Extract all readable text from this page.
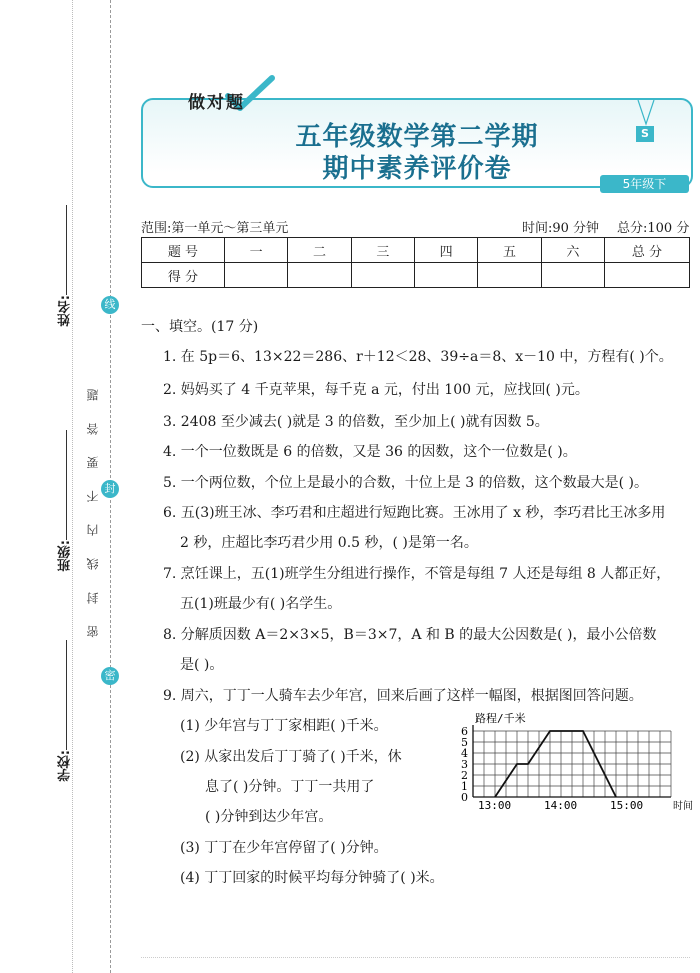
姓名:
班级:
学校:
密 封 线 内 不 要 答 题
线
封
密
做对题
五年级数学第二学期
期中素养评价卷
S
5年级下
范围:第一单元～第三单元	时间:90 分钟 总分:100 分
题 号	一	二	三	四	五	六	总 分
得 分							
一、填空。(17 分)
1. 在 5p＝6、13×22＝286、r＋12＜28、39÷a＝8、x－10 中，方程有( )个。
2. 妈妈买了 4 千克苹果，每千克 a 元，付出 100 元，应找回( )元。
3. 2408 至少减去( )就是 3 的倍数，至少加上( )就有因数 5。
4. 一个一位数既是 6 的倍数，又是 36 的因数，这个一位数是( )。
5. 一个两位数，个位上是最小的合数，十位上是 3 的倍数，这个数最大是( )。
6. 五(3)班王冰、李巧君和庄超进行短跑比赛。王冰用了 x 秒，李巧君比王冰多用
2 秒，庄超比李巧君少用 0.5 秒，( )是第一名。
7. 烹饪课上，五(1)班学生分组进行操作，不管是每组 7 人还是每组 8 人都正好，
五(1)班最少有( )名学生。
8. 分解质因数 A＝2×3×5，B＝3×7，A 和 B 的最大公因数是( )，最小公倍数
是( )。
9. 周六，丁丁一人骑车去少年宫，回来后画了这样一幅图，根据图回答问题。
(1) 少年宫与丁丁家相距( )千米。
(2) 从家出发后丁丁骑了( )千米，休
息了( )分钟。丁丁一共用了
( )分钟到达少年宫。
(3) 丁丁在少年宫停留了( )分钟。
(4) 丁丁回家的时候平均每分钟骑了( )米。
路程/千米
时间
0
1
2
3
4
5
6
13:00	14:00	15:00
